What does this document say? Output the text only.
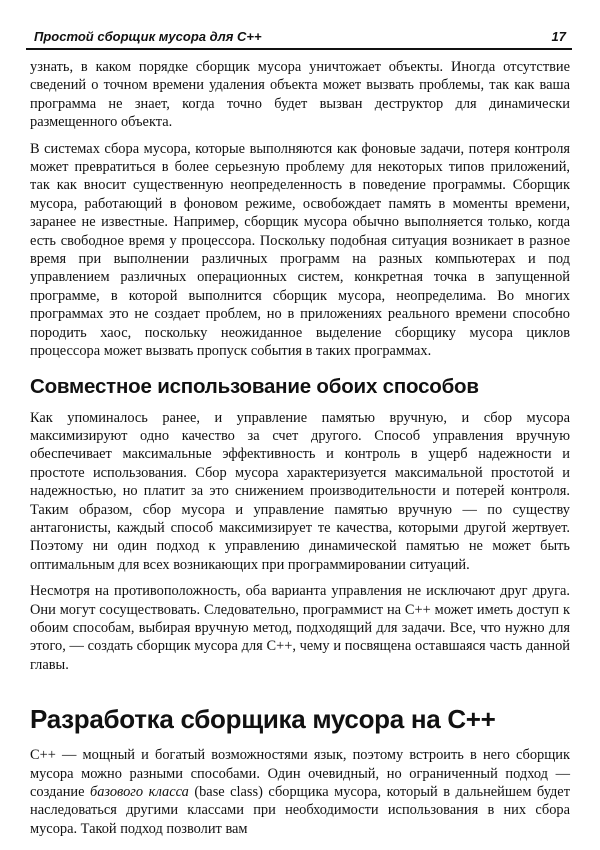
Простой сборщик мусора для C++	17

узнать, в каком порядке сборщик мусора уничтожает объекты. Иногда отсутствие сведений о точном времени удаления объекта может вызвать проблемы, так как ваша программа не знает, когда точно будет вызван деструктор для динамически размещенного объекта.

В системах сбора мусора, которые выполняются как фоновые задачи, потеря контроля может превратиться в более серьезную проблему для некоторых типов приложений, так как вносит существенную неопределенность в поведение программы. Сборщик мусора, работающий в фоновом режиме, освобождает память в моменты времени, заранее не известные. Например, сборщик мусора обычно выполняется только, когда есть свободное время у процессора. Поскольку подобная ситуация возникает в разное время при выполнении различных программ на разных компьютерах и под управлением различных операционных систем, конкретная точка в запущенной программе, в которой выполнится сборщик мусора, неопределима. Во многих программах это не создает проблем, но в приложениях реального времени способно породить хаос, поскольку неожиданное выделение сборщику мусора циклов процессора может вызвать пропуск события в таких программах.

Совместное использование обоих способов

Как упоминалось ранее, и управление памятью вручную, и сбор мусора максимизируют одно качество за счет другого. Способ управления вручную обеспечивает максимальные эффективность и контроль в ущерб надежности и простоте использования. Сбор мусора характеризуется максимальной простотой и надежностью, но платит за это снижением производительности и потерей контроля. Таким образом, сбор мусора и управление памятью вручную — по существу антагонисты, каждый способ максимизирует те качества, которыми другой жертвует. Поэтому ни один подход к управлению динамической памятью не может быть оптимальным для всех возникающих при программировании ситуаций.

Несмотря на противоположность, оба варианта управления не исключают друг друга. Они могут сосуществовать. Следовательно, программист на C++ может иметь доступ к обоим способам, выбирая вручную метод, подходящий для задачи. Все, что нужно для этого, — создать сборщик мусора для C++, чему и посвящена оставшаяся часть данной главы.

Разработка сборщика мусора на C++

C++ — мощный и богатый возможностями язык, поэтому встроить в него сборщик мусора можно разными способами. Один очевидный, но ограниченный подход — создание базового класса (base class) сборщика мусора, который в дальнейшем будет наследоваться другими классами при необходимости использования в них сбора мусора. Такой подход позволит вам
